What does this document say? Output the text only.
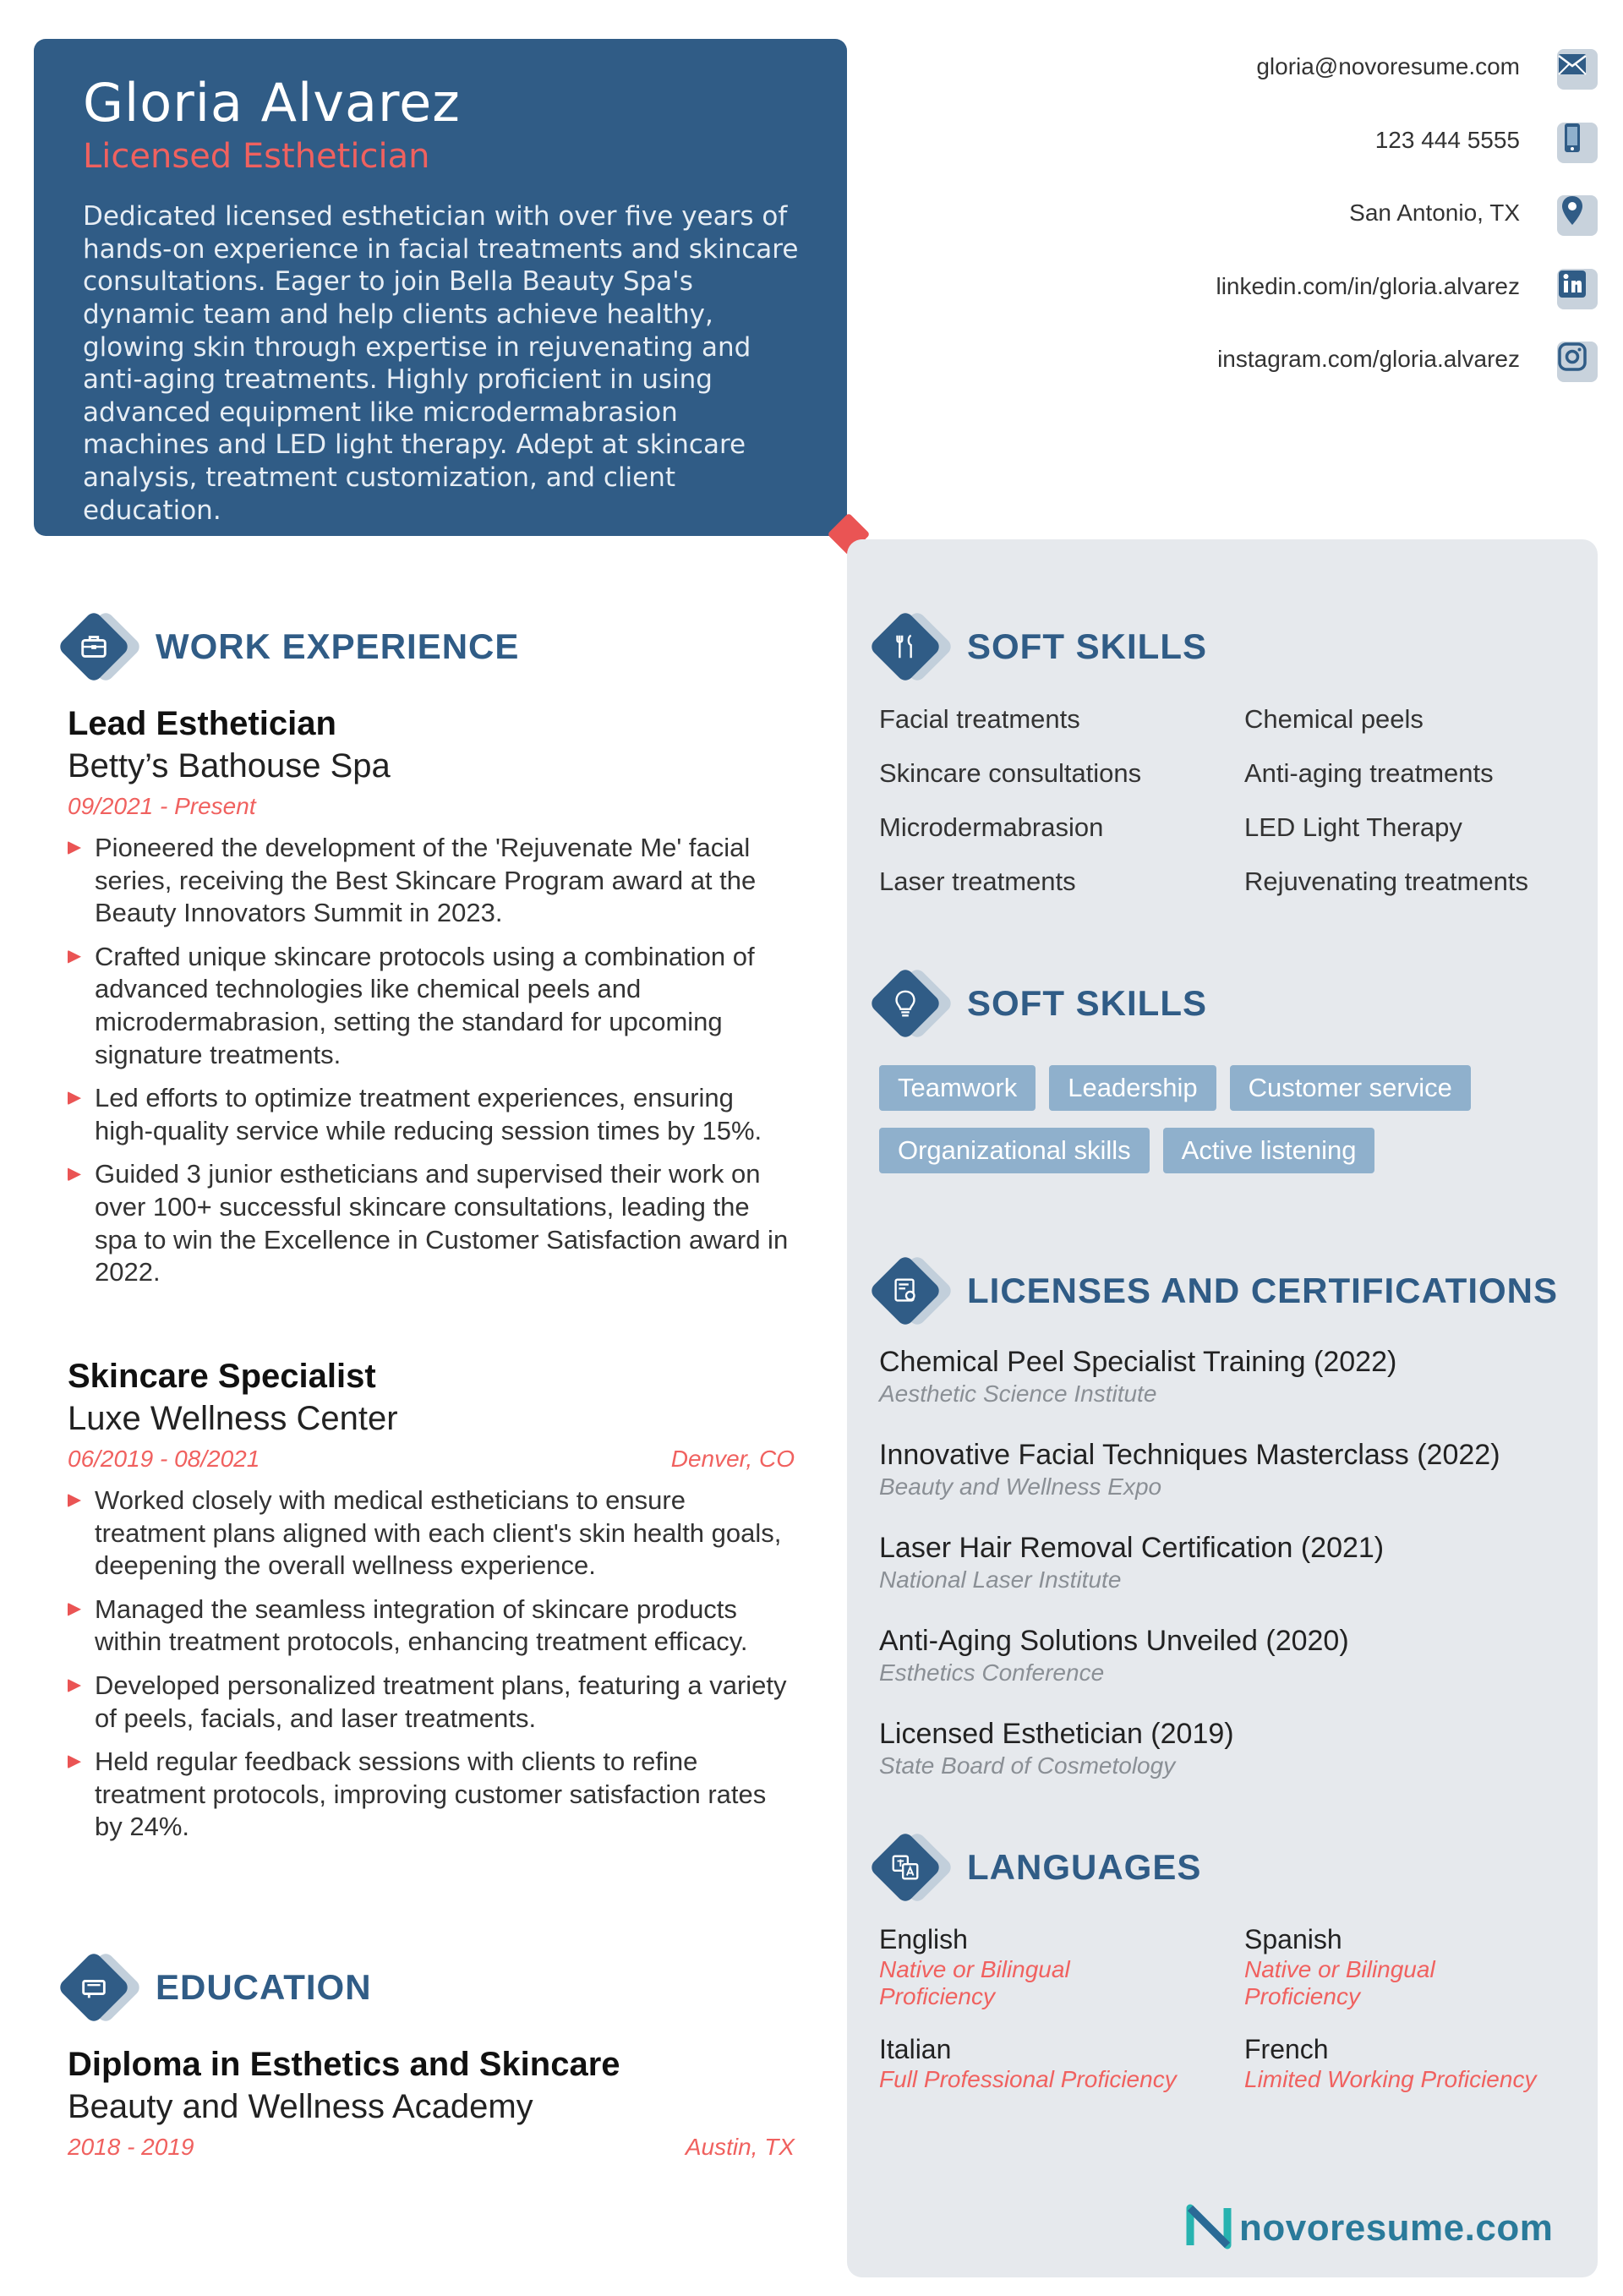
Gloria Alvarez
Licensed Esthetician

Dedicated licensed esthetician with over five years of hands-on experience in facial treatments and skincare consultations. Eager to join Bella Beauty Spa's dynamic team and help clients achieve healthy, glowing skin through expertise in rejuvenating and anti-aging treatments. Highly proficient in using advanced equipment like microdermabrasion machines and LED light therapy. Adept at skincare analysis, treatment customization, and client education.

gloria@novoresume.com
123 444 5555
San Antonio, TX
linkedin.com/in/gloria.alvarez
instagram.com/gloria.alvarez
WORK EXPERIENCE
Lead Esthetician
Betty’s Bathouse Spa
09/2021 - Present
Pioneered the development of the 'Rejuvenate Me' facial series, receiving the Best Skincare Program award at the Beauty Innovators Summit in 2023.
Crafted unique skincare protocols using a combination of advanced technologies like chemical peels and microdermabrasion, setting the standard for upcoming signature treatments.
Led efforts to optimize treatment experiences, ensuring high-quality service while reducing session times by 15%.
Guided 3 junior estheticians and supervised their work on over 100+ successful skincare consultations, leading the spa to win the Excellence in Customer Satisfaction award in 2022.
Skincare Specialist
Luxe Wellness Center
06/2019 - 08/2021	Denver, CO
Worked closely with medical estheticians to ensure treatment plans aligned with each client's skin health goals, deepening the overall wellness experience.
Managed the seamless integration of skincare products within treatment protocols, enhancing treatment efficacy.
Developed personalized treatment plans, featuring a variety of peels, facials, and laser treatments.
Held regular feedback sessions with clients to refine treatment protocols, improving customer satisfaction rates by 24%.
EDUCATION
Diploma in Esthetics and Skincare
Beauty and Wellness Academy
2018 - 2019	Austin, TX
SOFT SKILLS
Facial treatments	Chemical peels
Skincare consultations	Anti-aging treatments
Microdermabrasion	LED Light Therapy
Laser treatments	Rejuvenating treatments
SOFT SKILLS
Teamwork	Leadership	Customer service
Organizational skills	Active listening
LICENSES AND CERTIFICATIONS
Chemical Peel Specialist Training (2022)
Aesthetic Science Institute
Innovative Facial Techniques Masterclass (2022)
Beauty and Wellness Expo
Laser Hair Removal Certification (2021)
National Laser Institute
Anti-Aging Solutions Unveiled (2020)
Esthetics Conference
Licensed Esthetician (2019)
State Board of Cosmetology
LANGUAGES
English
Native or Bilingual Proficiency
Spanish
Native or Bilingual Proficiency
Italian
Full Professional Proficiency
French
Limited Working Proficiency
novoresume.com
